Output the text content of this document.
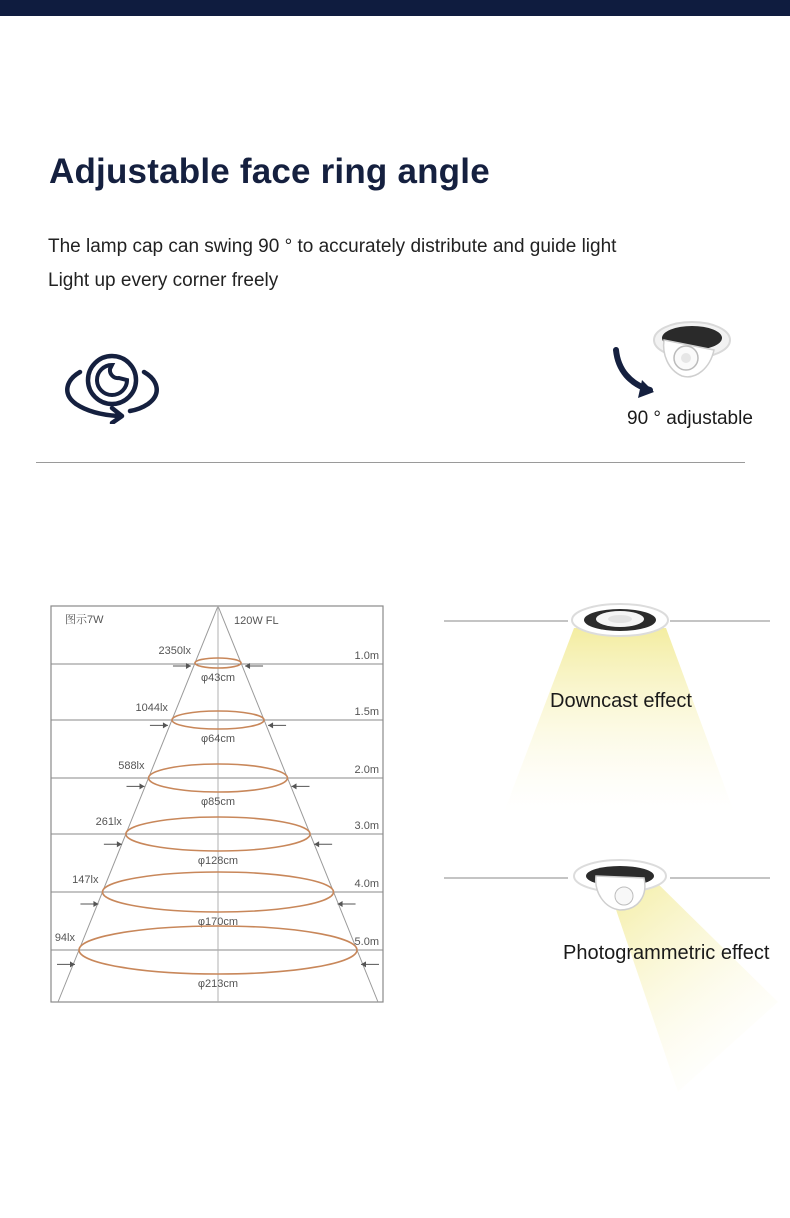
Adjustable face ring angle
The lamp cap can swing 90 ° to accurately distribute and guide light
Light up every corner freely
90 ° adjustable
图示7W	120W FL
1.0m
2350lx
φ43cm
1.5m
1044lx
φ64cm
2.0m
588lx
φ85cm
3.0m
261lx
φ128cm
4.0m
147lx
φ170cm
5.0m
94lx
φ213cm
Downcast effect
Photogrammetric effect
